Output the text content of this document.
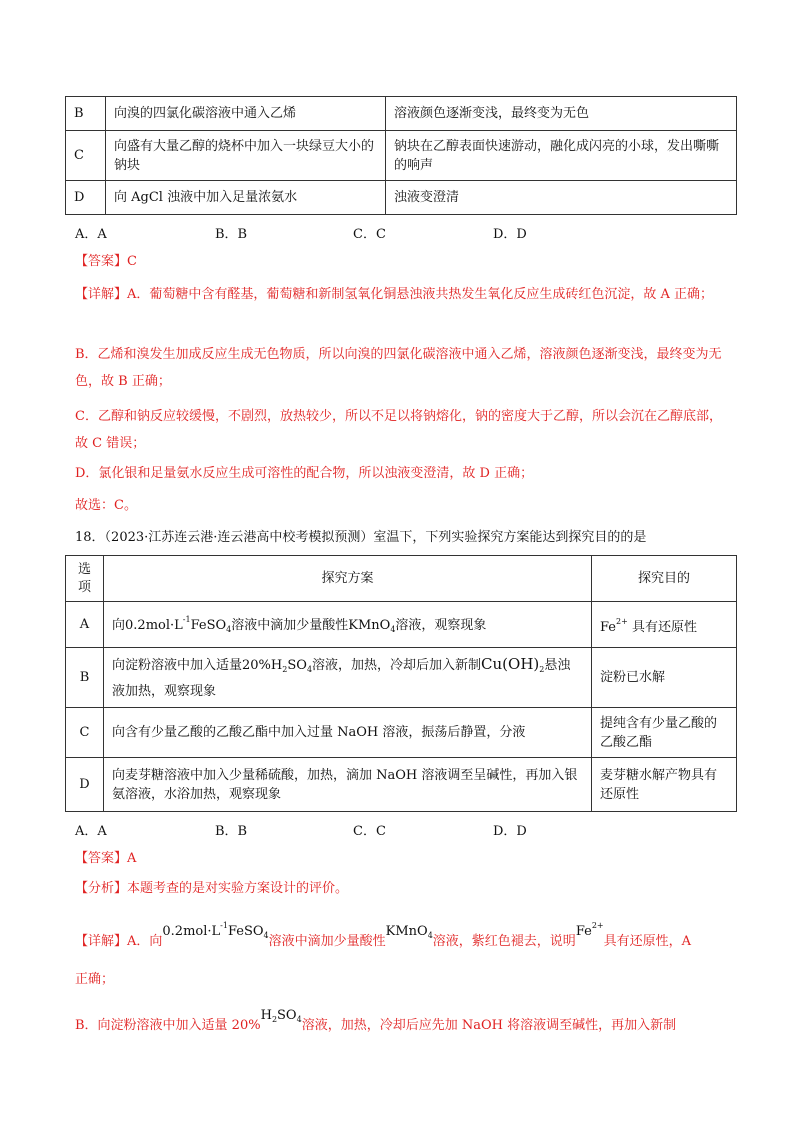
B	向溴的四氯化碳溶液中通入乙烯	溶液颜色逐渐变浅，最终变为无色
C	向盛有大量乙醇的烧杯中加入一块绿豆大小的钠块	钠块在乙醇表面快速游动，融化成闪亮的小球，发出嘶嘶的响声
D	向 AgCl 浊液中加入足量浓氨水	浊液变澄清
A．A	B．B	C．C	D．D
【答案】C
【详解】A．葡萄糖中含有醛基，葡萄糖和新制氢氧化铜悬浊液共热发生氧化反应生成砖红色沉淀，故 A 正确；
B．乙烯和溴发生加成反应生成无色物质，所以向溴的四氯化碳溶液中通入乙烯，溶液颜色逐渐变浅，最终变为无色，故 B 正确；
C．乙醇和钠反应较缓慢，不剧烈，放热较少，所以不足以将钠熔化，钠的密度大于乙醇，所以会沉在乙醇底部，故 C 错误；
D．氯化银和足量氨水反应生成可溶性的配合物，所以浊液变澄清，故 D 正确；
故选：C。
18．（2023·江苏连云港·连云港高中校考模拟预测）室温下，下列实验探究方案能达到探究目的的是
选项	探究方案	探究目的
A	向$0.2mol\cdot L^{-1}FeSO_4$溶液中滴加少量酸性KMnO$_4$溶液，观察现象	$Fe^{2+}$ 具有还原性
B	向淀粉溶液中加入适量$20\%H_2SO_4$溶液，加热，冷却后加入新制$Cu(OH)_2$悬浊液加热，观察现象	淀粉已水解
C	向含有少量乙酸的乙酸乙酯中加入过量 NaOH 溶液，振荡后静置，分液	提纯含有少量乙酸的乙酸乙酯
D	向麦芽糖溶液中加入少量稀硫酸，加热，滴加 NaOH 溶液调至呈碱性，再加入银氨溶液，水浴加热，观察现象	麦芽糖水解产物具有还原性
A．A	B．B	C．C	D．D
【答案】A
【分析】本题考查的是对实验方案设计的评价。
【详解】A．向$0.2mol\cdot L^{-1}FeSO_4$溶液中滴加少量酸性KMnO$_4$溶液，紫红色褪去，说明$Fe^{2+}$具有还原性，A
正确；
B．向淀粉溶液中加入适量 $20\%H_2SO_4$溶液，加热，冷却后应先加 NaOH 将溶液调至碱性，再加入新制
